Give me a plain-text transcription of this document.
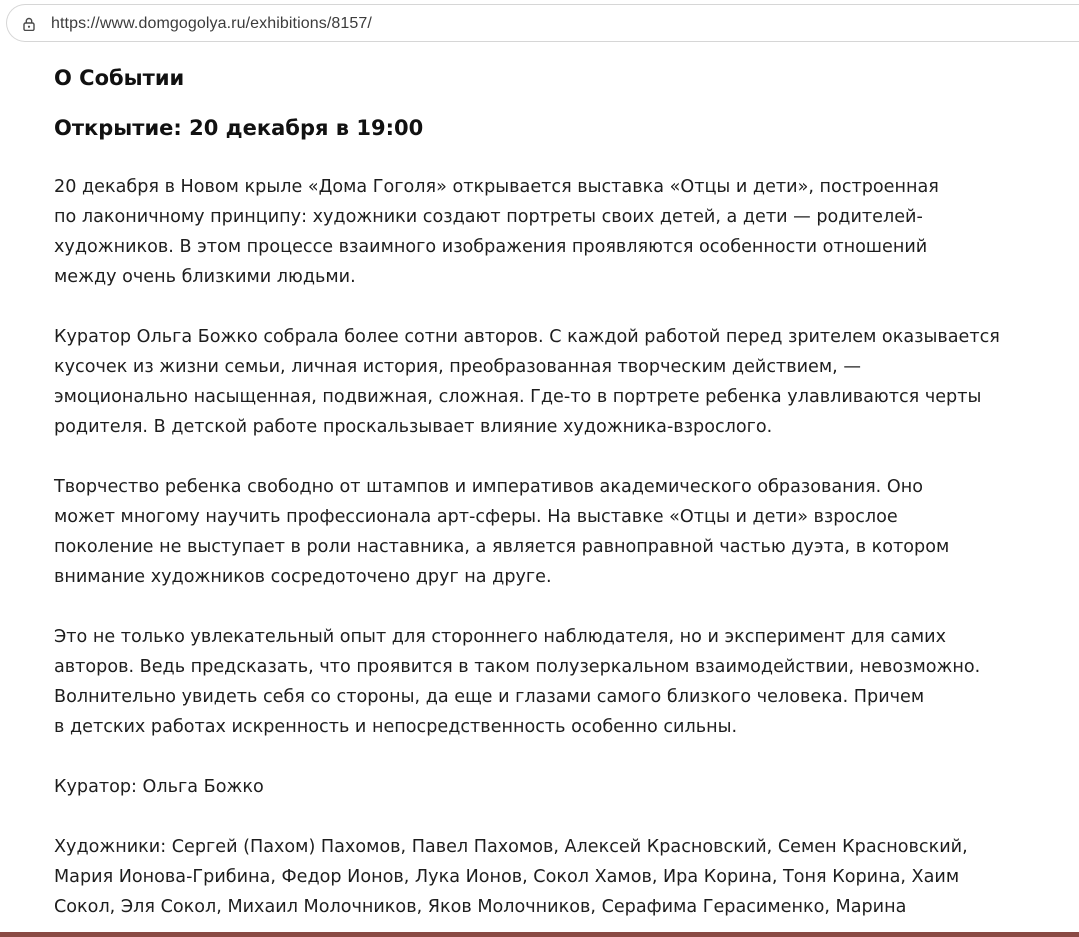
https://www.domgogolya.ru/exhibitions/8157/
О Событии
Открытие: 20 декабря в 19:00

20 декабря в Новом крыле «Дома Гоголя» открывается выставка «Отцы и дети», построенная
по лаконичному принципу: художники создают портреты своих детей, а дети — родителей-
художников. В этом процессе взаимного изображения проявляются особенности отношений
между очень близкими людьми.

Куратор Ольга Божко собрала более сотни авторов. С каждой работой перед зрителем оказывается
кусочек из жизни семьи, личная история, преобразованная творческим действием, —
эмоционально насыщенная, подвижная, сложная. Где-то в портрете ребенка улавливаются черты
родителя. В детской работе проскальзывает влияние художника-взрослого.

Творчество ребенка свободно от штампов и императивов академического образования. Оно
может многому научить профессионала арт-сферы. На выставке «Отцы и дети» взрослое
поколение не выступает в роли наставника, а является равноправной частью дуэта, в котором
внимание художников сосредоточено друг на друге.

Это не только увлекательный опыт для стороннего наблюдателя, но и эксперимент для самих
авторов. Ведь предсказать, что проявится в таком полузеркальном взаимодействии, невозможно.
Волнительно увидеть себя со стороны, да еще и глазами самого близкого человека. Причем
в детских работах искренность и непосредственность особенно сильны.

Куратор: Ольга Божко

Художники: Сергей (Пахом) Пахомов, Павел Пахомов, Алексей Красновский, Семен Красновский,
Мария Ионова-Грибина, Федор Ионов, Лука Ионов, Сокол Хамов, Ира Корина, Тоня Корина, Хаим
Сокол, Эля Сокол, Михаил Молочников, Яков Молочников, Серафима Герасименко, Марина
